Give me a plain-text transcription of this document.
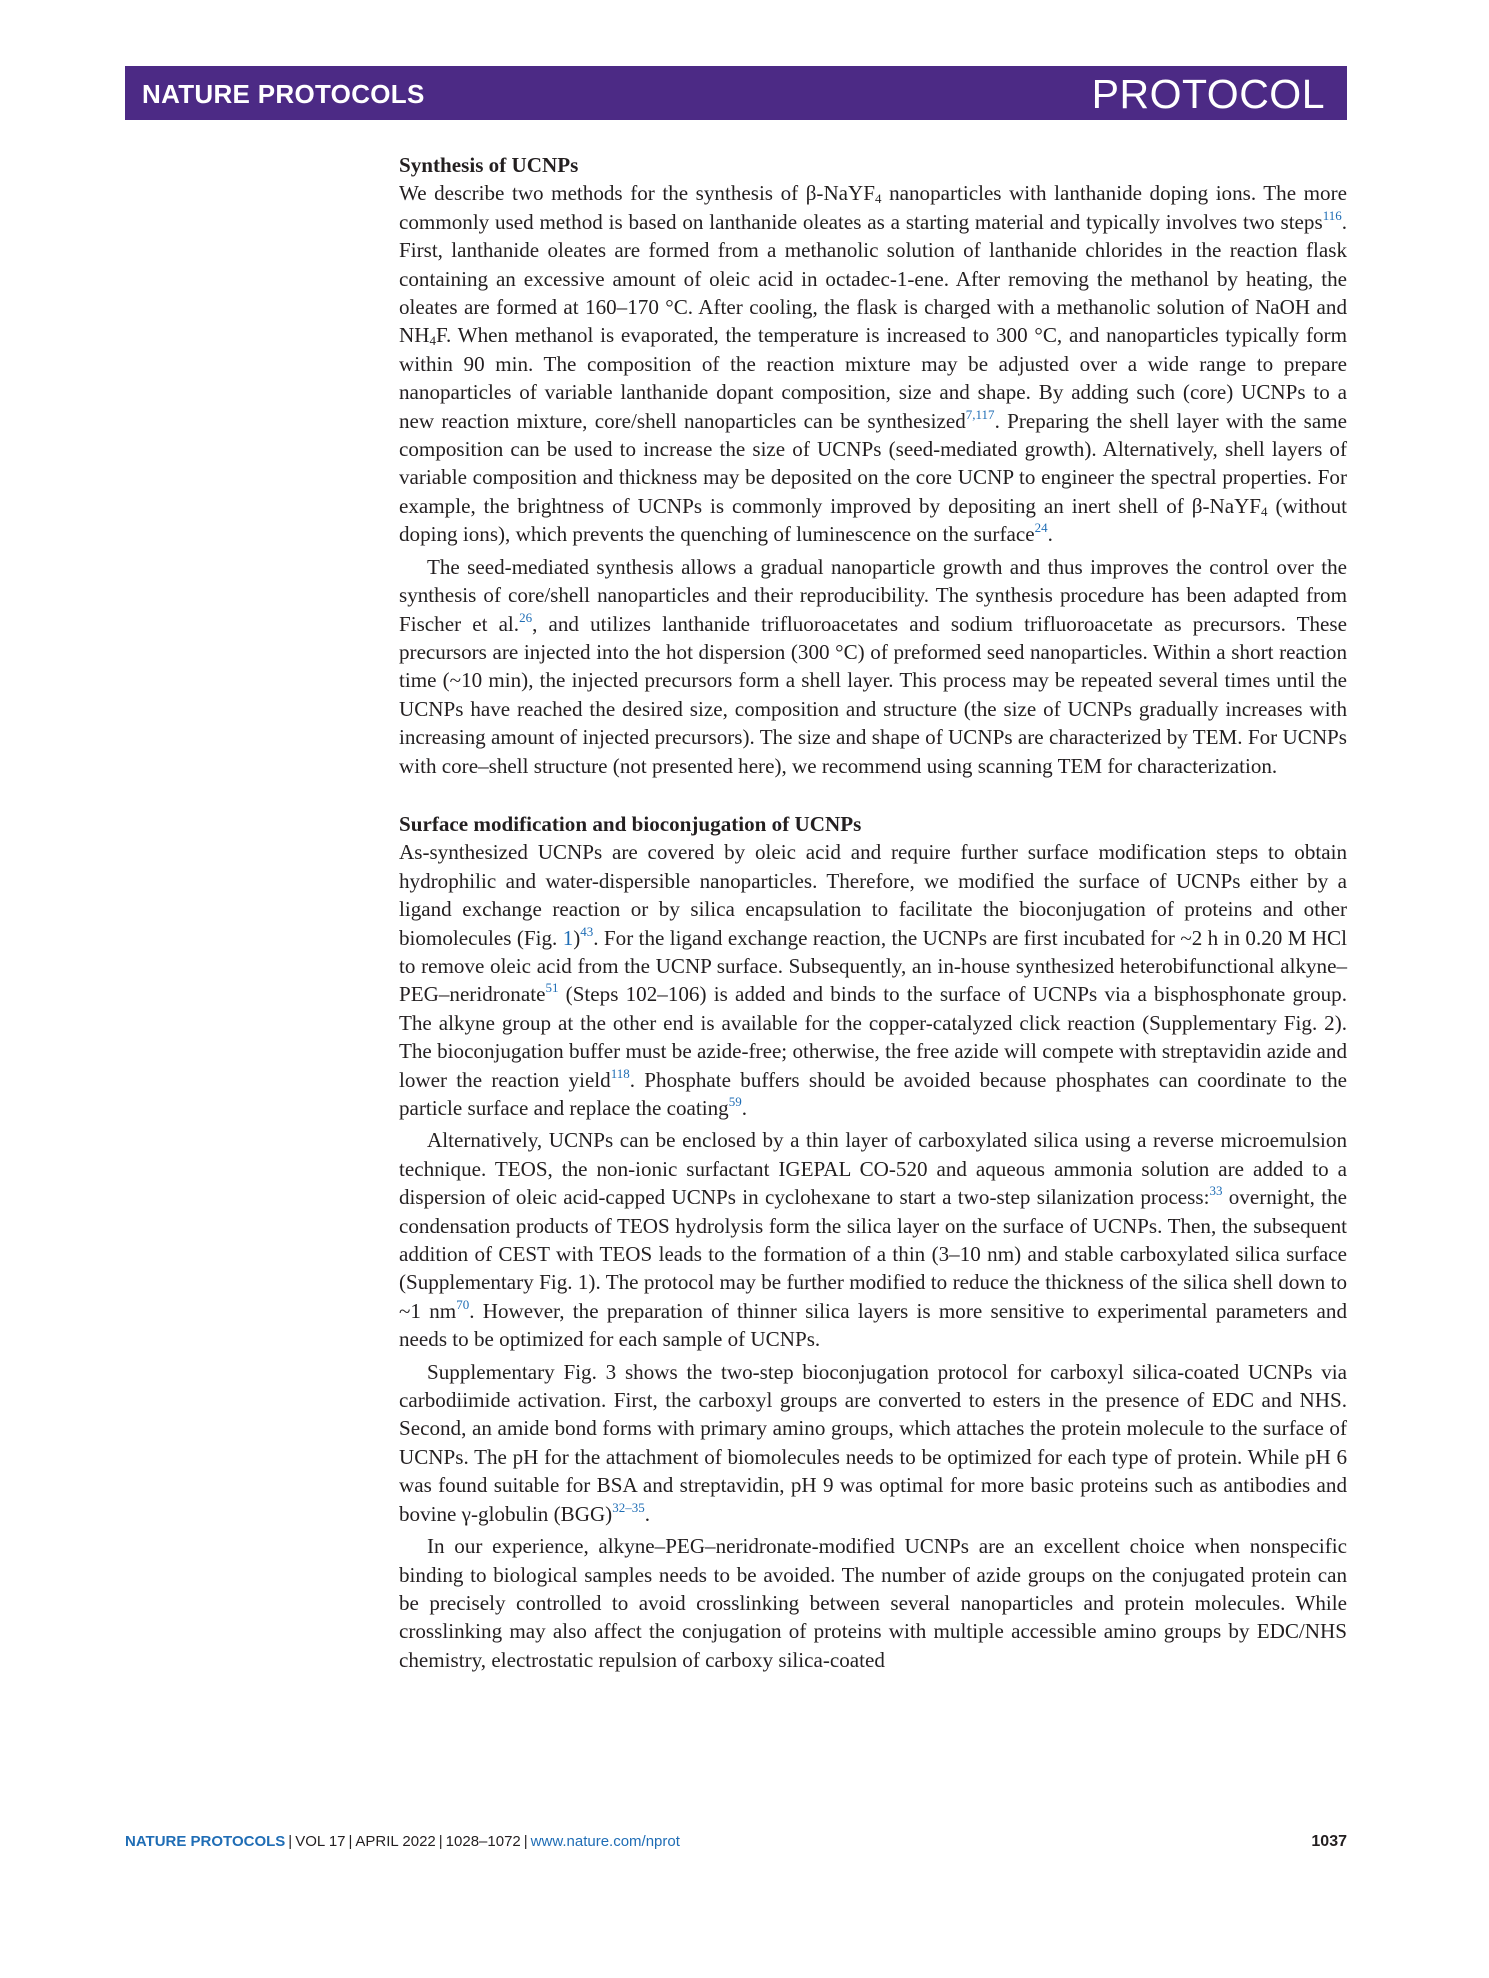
NATURE PROTOCOLS	PROTOCOL
Synthesis of UCNPs

We describe two methods for the synthesis of β-NaYF$_4$ nanoparticles with lanthanide doping ions. The more commonly used method is based on lanthanide oleates as a starting material and typically involves two steps$^{116}$. First, lanthanide oleates are formed from a methanolic solution of lanthanide chlorides in the reaction flask containing an excessive amount of oleic acid in octadec-1-ene. After removing the methanol by heating, the oleates are formed at 160–170 °C. After cooling, the flask is charged with a methanolic solution of NaOH and $NH_4F$. When methanol is evaporated, the temperature is increased to 300 °C, and nanoparticles typically form within 90 min. The composition of the reaction mixture may be adjusted over a wide range to prepare nanoparticles of variable lanthanide dopant composition, size and shape. By adding such (core) UCNPs to a new reaction mixture, core/shell nanoparticles can be synthesized$^{7,117}$. Preparing the shell layer with the same composition can be used to increase the size of UCNPs (seed-mediated growth). Alternatively, shell layers of variable composition and thickness may be deposited on the core UCNP to engineer the spectral properties. For example, the brightness of UCNPs is commonly improved by depositing an inert shell of β-NaYF$_4$ (without doping ions), which prevents the quenching of luminescence on the surface$^{24}$.

The seed-mediated synthesis allows a gradual nanoparticle growth and thus improves the control over the synthesis of core/shell nanoparticles and their reproducibility. The synthesis procedure has been adapted from Fischer et al.$^{26}$, and utilizes lanthanide trifluoroacetates and sodium trifluoroacetate as precursors. These precursors are injected into the hot dispersion (300 °C) of preformed seed nanoparticles. Within a short reaction time (~10 min), the injected precursors form a shell layer. This process may be repeated several times until the UCNPs have reached the desired size, composition and structure (the size of UCNPs gradually increases with increasing amount of injected precursors). The size and shape of UCNPs are characterized by TEM. For UCNPs with core–shell structure (not presented here), we recommend using scanning TEM for characterization.

Surface modification and bioconjugation of UCNPs

As-synthesized UCNPs are covered by oleic acid and require further surface modification steps to obtain hydrophilic and water-dispersible nanoparticles. Therefore, we modified the surface of UCNPs either by a ligand exchange reaction or by silica encapsulation to facilitate the bioconjugation of proteins and other biomolecules (Fig. 1)$^{43}$. For the ligand exchange reaction, the UCNPs are first incubated for ~2 h in 0.20 M HCl to remove oleic acid from the UCNP surface. Subsequently, an in-house synthesized heterobifunctional alkyne–PEG–neridronate$^{51}$ (Steps 102–106) is added and binds to the surface of UCNPs via a bisphosphonate group. The alkyne group at the other end is available for the copper-catalyzed click reaction (Supplementary Fig. 2). The bioconjugation buffer must be azide-free; otherwise, the free azide will compete with streptavidin azide and lower the reaction yield$^{118}$. Phosphate buffers should be avoided because phosphates can coordinate to the particle surface and replace the coating$^{59}$.

Alternatively, UCNPs can be enclosed by a thin layer of carboxylated silica using a reverse microemulsion technique. TEOS, the non-ionic surfactant IGEPAL CO-520 and aqueous ammonia solution are added to a dispersion of oleic acid-capped UCNPs in cyclohexane to start a two-step silanization process:$^{33}$ overnight, the condensation products of TEOS hydrolysis form the silica layer on the surface of UCNPs. Then, the subsequent addition of CEST with TEOS leads to the formation of a thin (3–10 nm) and stable carboxylated silica surface (Supplementary Fig. 1). The protocol may be further modified to reduce the thickness of the silica shell down to ~1 nm$^{70}$. However, the preparation of thinner silica layers is more sensitive to experimental parameters and needs to be optimized for each sample of UCNPs.

Supplementary Fig. 3 shows the two-step bioconjugation protocol for carboxyl silica-coated UCNPs via carbodiimide activation. First, the carboxyl groups are converted to esters in the presence of EDC and NHS. Second, an amide bond forms with primary amino groups, which attaches the protein molecule to the surface of UCNPs. The pH for the attachment of biomolecules needs to be optimized for each type of protein. While pH 6 was found suitable for BSA and streptavidin, pH 9 was optimal for more basic proteins such as antibodies and bovine γ-globulin (BGG)$^{32-35}$.

In our experience, alkyne–PEG–neridronate-modified UCNPs are an excellent choice when nonspecific binding to biological samples needs to be avoided. The number of azide groups on the conjugated protein can be precisely controlled to avoid crosslinking between several nanoparticles and protein molecules. While crosslinking may also affect the conjugation of proteins with multiple accessible amino groups by EDC/NHS chemistry, electrostatic repulsion of carboxy silica-coated

NATURE PROTOCOLS | VOL 17 | APRIL 2022 | 1028–1072 | www.nature.com/nprot	1037
